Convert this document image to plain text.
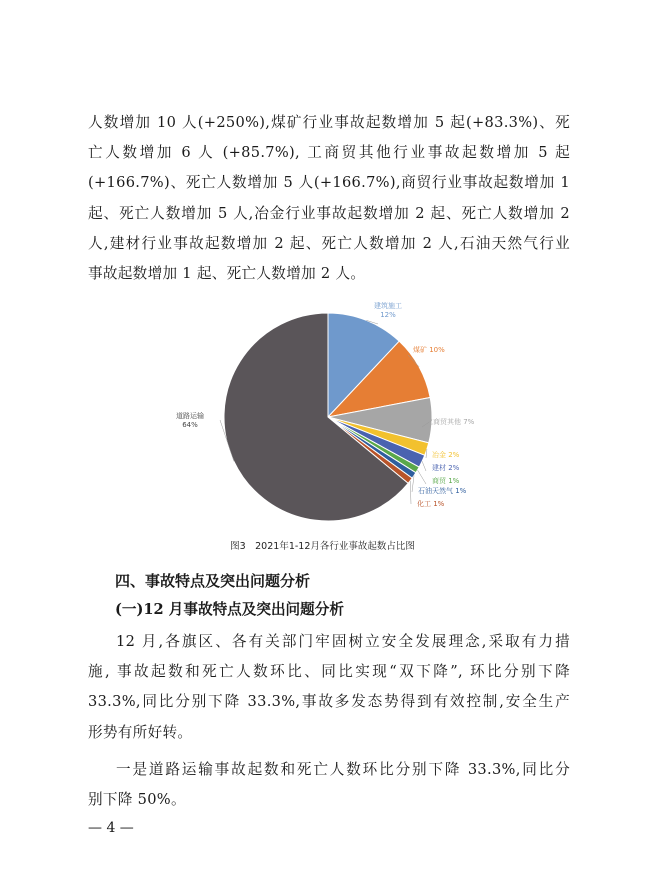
人数增加 10 人(+250%),煤矿行业事故起数增加 5 起(+83.3%)、死
亡人数增加 6 人 (+85.7%), 工商贸其他行业事故起数增加 5 起
(+166.7%)、死亡人数增加 5 人(+166.7%),商贸行业事故起数增加 1
起、死亡人数增加 5 人,冶金行业事故起数增加 2 起、死亡人数增加 2
人,建材行业事故起数增加 2 起、死亡人数增加 2 人,石油天然气行业
事故起数增加 1 起、死亡人数增加 2 人。
建筑施工 12%
煤矿 10%
工商贸其他 7%
冶金 2%
建材 2%
商贸 1%
石油天然气 1%
化工 1%
道路运输 64%
图3　2021年1-12月各行业事故起数占比图
四、事故特点及突出问题分析
(一)12 月事故特点及突出问题分析
12 月,各旗区、各有关部门牢固树立安全发展理念,采取有力措
施, 事故起数和死亡人数环比、同比实现“双下降”, 环比分别下降
33.3%,同比分别下降 33.3%,事故多发态势得到有效控制,安全生产
形势有所好转。
一是道路运输事故起数和死亡人数环比分别下降 33.3%,同比分
别下降 50%。
— 4 —
